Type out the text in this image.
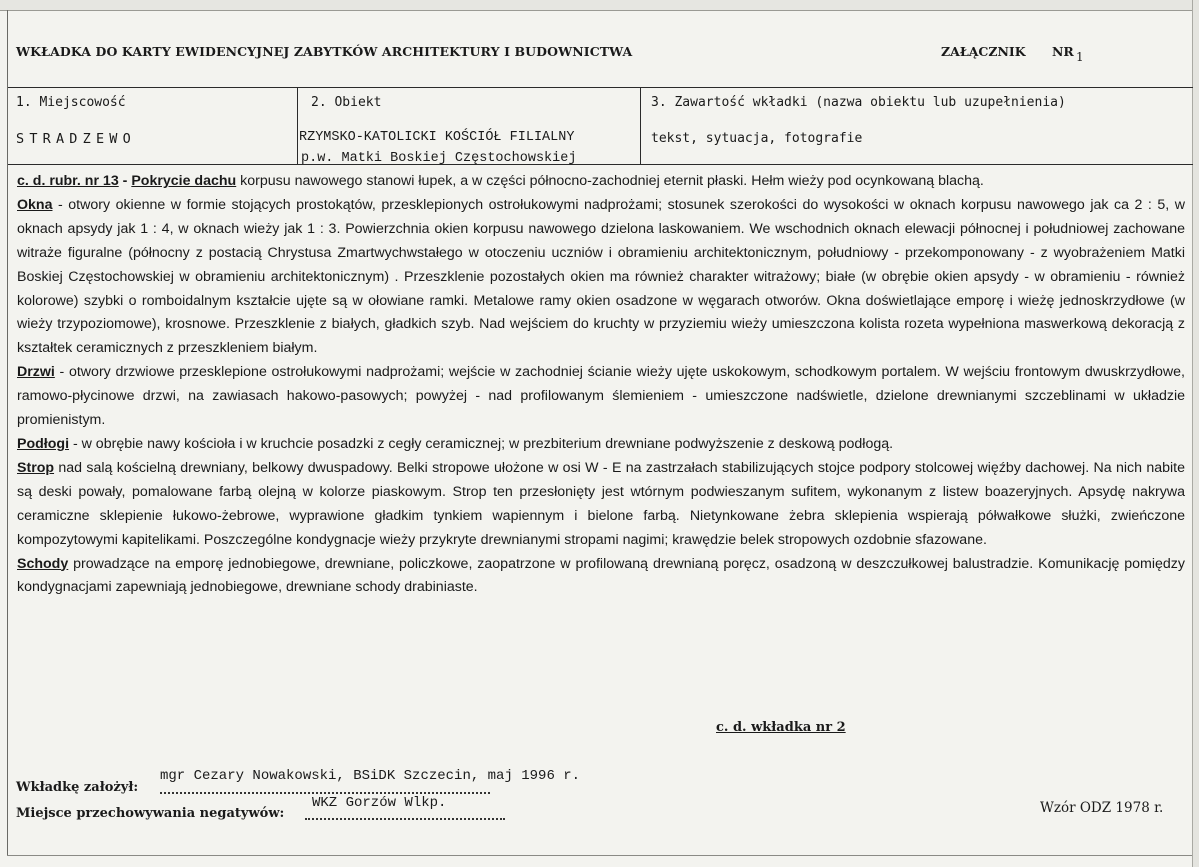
WKŁADKA DO KARTY EWIDENCYJNEJ ZABYTKÓW ARCHITEKTURY I BUDOWNICTWA	ZAŁĄCZNIK NR 1
1. Miejscowość
STRADZEWO
2. Obiekt
RZYMSKO-KATOLICKI KOŚCIÓŁ FILIALNY
p.w. Matki Boskiej Częstochowskiej
3. Zawartość wkładki (nazwa obiektu lub uzupełnienia)
tekst, sytuacja, fotografie

c. d. rubr. nr 13 - Pokrycie dachu korpusu nawowego stanowi łupek, a w części północno-zachodniej eternit płaski. Hełm wieży pod ocynkowaną blachą.

Okna - otwory okienne w formie stojących prostokątów, przesklepionych ostrołukowymi nadprożami; stosunek szerokości do wysokości w oknach korpusu nawowego jak ca 2 : 5, w oknach apsydy jak 1 : 4, w oknach wieży jak 1 : 3. Powierzchnia okien korpusu nawowego dzielona laskowaniem. We wschodnich oknach elewacji północnej i południowej zachowane witraże figuralne (północny z postacią Chrystusa Zmartwychwstałego w otoczeniu uczniów i obramieniu architektonicznym, południowy - przekomponowany - z wyobrażeniem Matki Boskiej Częstochowskiej w obramieniu architektonicznym) . Przeszklenie pozostałych okien ma również charakter witrażowy; białe (w obrębie okien apsydy - w obramieniu - również kolorowe) szybki o romboidalnym kształcie ujęte są w ołowiane ramki. Metalowe ramy okien osadzone w węgarach otworów. Okna doświetlające emporę i wieżę jednoskrzydłowe (w wieży trzypoziomowe), krosnowe. Przeszklenie z białych, gładkich szyb. Nad wejściem do kruchty w przyziemiu wieży umieszczona kolista rozeta wypełniona maswerkową dekoracją z kształtek ceramicznych z przeszkleniem białym.

Drzwi - otwory drzwiowe przesklepione ostrołukowymi nadprożami; wejście w zachodniej ścianie wieży ujęte uskokowym, schodkowym portalem. W wejściu frontowym dwuskrzydłowe, ramowo-płycinowe drzwi, na zawiasach hakowo-pasowych; powyżej - nad profilowanym ślemieniem - umieszczone nadświetle, dzielone drewnianymi szczeblinami w układzie promienistym.

Podłogi - w obrębie nawy kościoła i w kruchcie posadzki z cegły ceramicznej; w prezbiterium drewniane podwyższenie z deskową podłogą.

Strop nad salą kościelną drewniany, belkowy dwuspadowy. Belki stropowe ułożone w osi W - E na zastrzałach stabilizujących stojce podpory stolcowej więźby dachowej. Na nich nabite są deski powały, pomalowane farbą olejną w kolorze piaskowym. Strop ten przesłonięty jest wtórnym podwieszanym sufitem, wykonanym z listew boazeryjnych. Apsydę nakrywa ceramiczne sklepienie łukowo-żebrowe, wyprawione gładkim tynkiem wapiennym i bielone farbą. Nietynkowane żebra sklepienia wspierają półwałkowe służki, zwieńczone kompozytowymi kapitelikami. Poszczególne kondygnacje wieży przykryte drewnianymi stropami nagimi; krawędzie belek stropowych ozdobnie sfazowane.

Schody prowadzące na emporę jednobiegowe, drewniane, policzkowe, zaopatrzone w profilowaną drewnianą poręcz, osadzoną w deszczułkowej balustradzie. Komunikację pomiędzy kondygnacjami zapewniają jednobiegowe, drewniane schody drabiniaste.

c. d. wkładka nr 2
Wkładkę założył:
mgr Cezary Nowakowski, BSiDK Szczecin, maj 1996 r.
Miejsce przechowywania negatywów:
WKZ Gorzów Wlkp.	Wzór ODZ 1978 r.
